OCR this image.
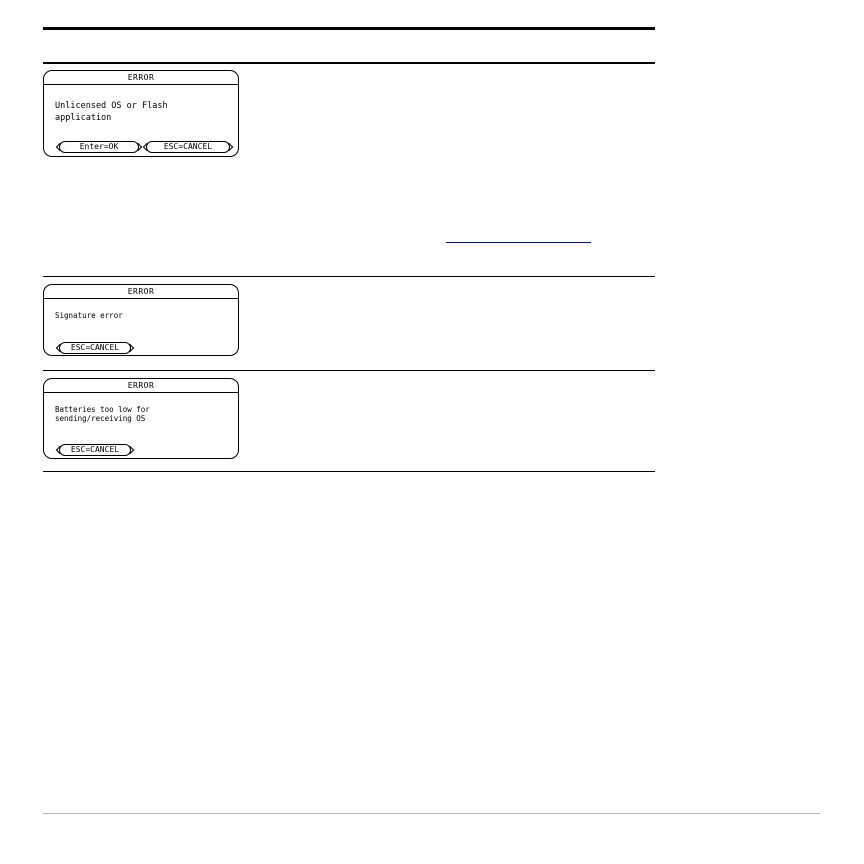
ERROR
Unlicensed OS or Flash
application
Enter=OK	ESC=CANCEL
ERROR
Signature error
ESC=CANCEL
ERROR
Batteries too low for
sending/receiving OS
ESC=CANCEL
